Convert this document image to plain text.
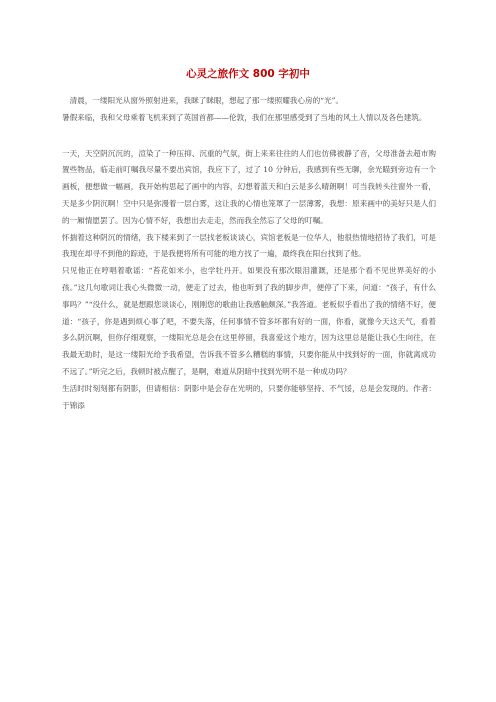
心灵之旅作文 800 字初中

　清晨，一缕阳光从窗外照射进来，我眯了眯眼，想起了那一缕照耀我心房的“光”。

暑假来临，我和父母乘着飞机来到了英国首都——伦敦，我们在那里感受到了当地的风土人情以及各色建筑。

一天，天空阴沉沉的，渲染了一种压抑、沉重的气氛，街上来来往往的人们也仿佛被静了音，父母准备去超市购置些物品，临走前叮嘱我尽量不要出宾馆，我应下了，过了 10 分钟后，我感到有些无聊，余光瞄到旁边有一个画板，便想做一幅画，我开始构思起了画中的内容，幻想着蓝天和白云是多么晴朗啊！可当我转头往窗外一看，天是多少阴沉啊！空中只是弥漫着一层白雾，这让我的心情也笼罩了一层薄雾，我想：原来画中的美好只是人们的一厢情愿罢了。因为心情不好，我想出去走走，然而我全然忘了父母的叮嘱。

怀揣着这种阴沉的情绪，我下楼来到了一层找老板谈谈心，宾馆老板是一位华人，他很热情地招待了我们，可是我现在却寻不到他的踪迹，于是我便将所有可能的地方找了一遍，最终我在阳台找到了他。

只见他正在哼唱着歌谣：“苔花如米小，也学牡丹开。如果没有那次眼泪灌溉，还是那个看不见世界美好的小孩。”这几句歌词让我心头微微一动，便走了过去，他也听到了我的脚步声，便停了下来，问道：“孩子，有什么事吗？”“没什么，就是想跟您谈谈心，刚刚您的歌曲让我感触颇深。”我答道。老板似乎看出了我的情绪不好，便道：“孩子，你是遇到烦心事了吧，不要失落，任何事情不管多坏都有好的一面，你看，就像今天这天气，看着多么阴沉啊，但你仔细观察，一缕阳光总是会在这里停留，我喜爱这个地方，因为这里总是能让我心生向往，在我最无助时，是这一缕阳光给予我希望，告诉我不管多么糟糕的事情，只要你能从中找到好的一面，你就离成功不远了。”听完之后，我顿时被点醒了，是啊，难道从阴暗中找到光明不是一种成功吗？

生活时时刻刻都有阴影，但请相信：阴影中是会存在光明的，只要你能够坚持、不气馁，总是会发现的。作者：于锦添
